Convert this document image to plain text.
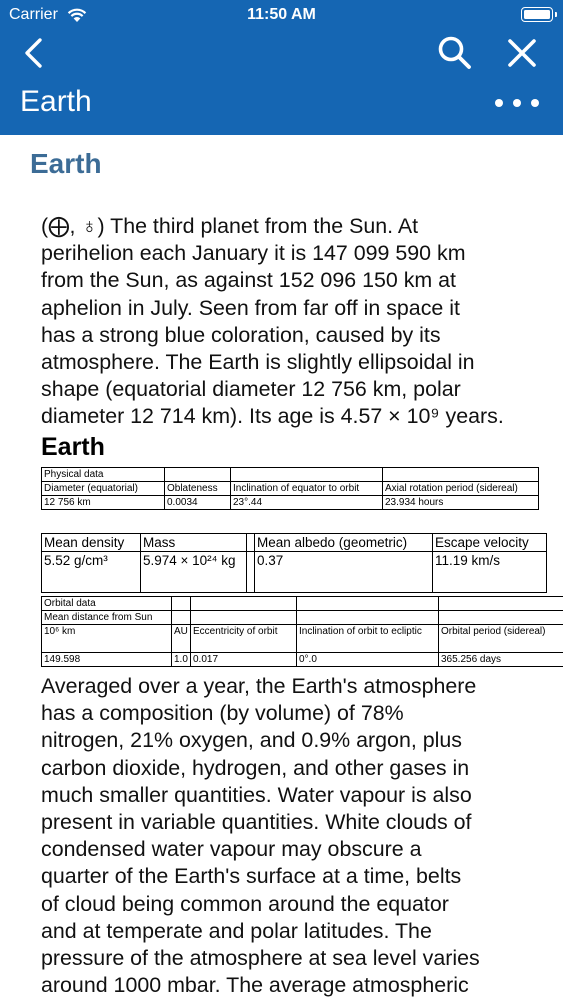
Carrier	11:50 AM
Earth
Earth
(⨁, ♁) The third planet from the Sun. At
perihelion each January it is 147 099 590 km
from the Sun, as against 152 096 150 km at
aphelion in July. Seen from far off in space it
has a strong blue coloration, caused by its
atmosphere. The Earth is slightly ellipsoidal in
shape (equatorial diameter 12 756 km, polar
diameter 12 714 km). Its age is 4.57 × 10⁹ years.
Earth
Physical data			
Diameter (equatorial)	Oblateness	Inclination of equator to orbit	Axial rotation period (sidereal)
12 756 km	0.0034	23°.44	23.934 hours
Mean density	Mass		Mean albedo (geometric)	Escape velocity
5.52 g/cm³	5.974 × 10²⁴ kg		0.37	11.19 km/s
Orbital data				
Mean distance from Sun				
10⁶ km	AU	Eccentricity of orbit	Inclination of orbit to ecliptic	Orbital period (sidereal)
149.598	1.0	0.017	0°.0	365.256 days
Averaged over a year, the Earth's atmosphere
has a composition (by volume) of 78%
nitrogen, 21% oxygen, and 0.9% argon, plus
carbon dioxide, hydrogen, and other gases in
much smaller quantities. Water vapour is also
present in variable quantities. White clouds of
condensed water vapour may obscure a
quarter of the Earth's surface at a time, belts
of cloud being common around the equator
and at temperate and polar latitudes. The
pressure of the atmosphere at sea level varies
around 1000 mbar. The average atmospheric
